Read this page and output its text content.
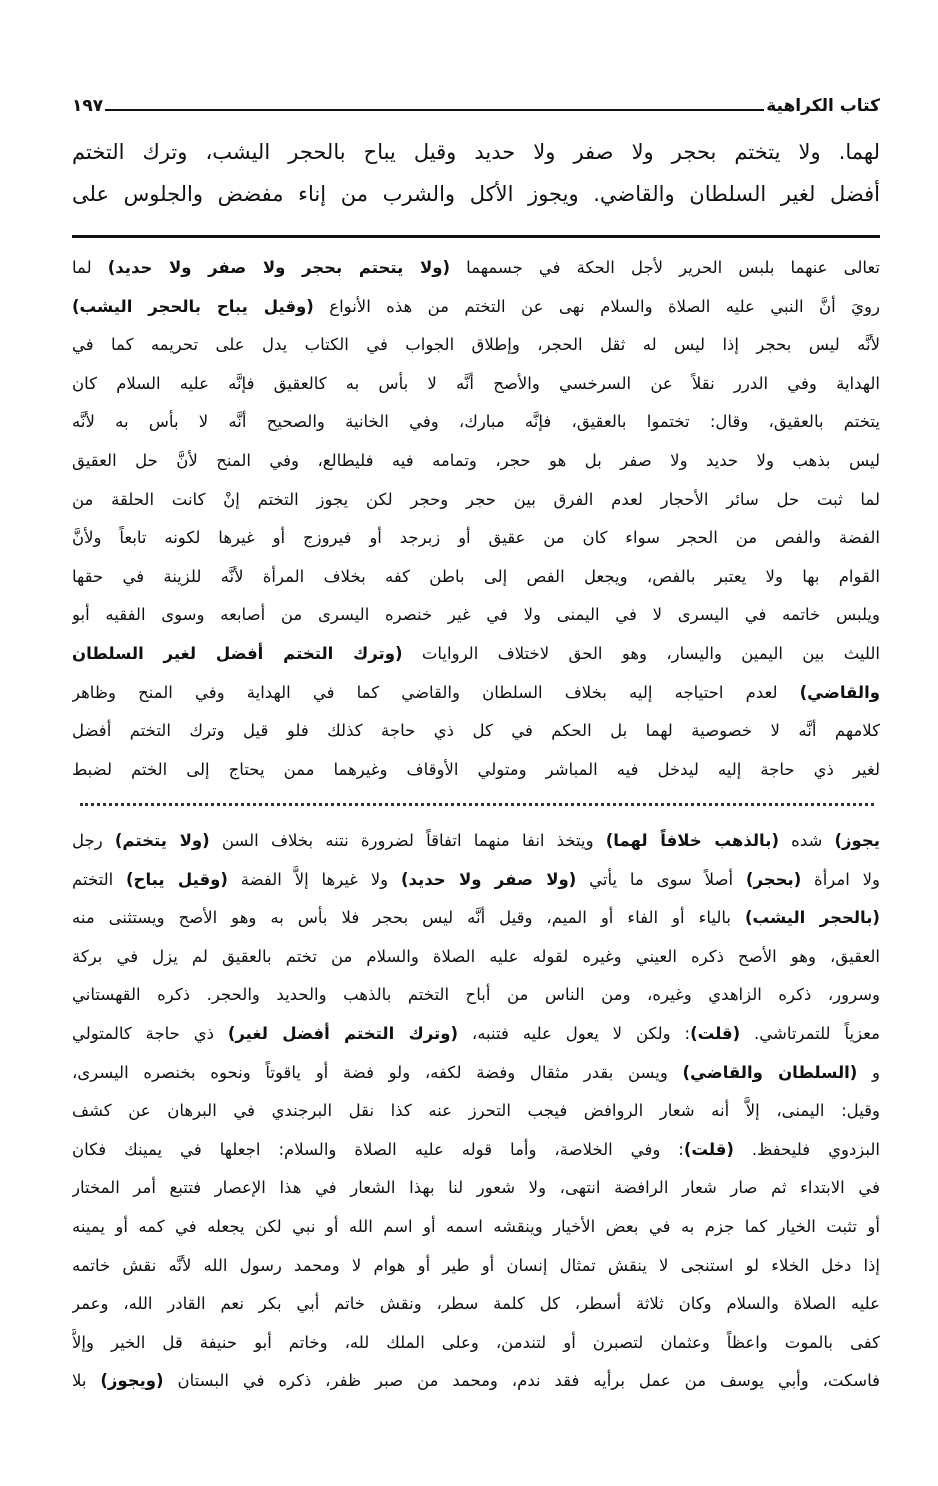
كتاب الكراهية
١٩٧
لهما. ولا يتختم بحجر ولا صفر ولا حديد وقيل يباح بالحجر اليشب، وترك التختم
أفضل لغير السلطان والقاضي. ويجوز الأكل والشرب من إناء مفضض والجلوس على
تعالى عنهما بلبس الحرير لأجل الحكة في جسمهما (ولا يتحتم بحجر ولا صفر ولا حديد) لما
رويَ أنَّ النبي عليه الصلاة والسلام نهى عن التختم من هذه الأنواع (وقيل يباح بالحجر اليشب)
لأنَّه ليس بحجر إذا ليس له ثقل الحجر، وإطلاق الجواب في الكتاب يدل على تحريمه كما في
الهداية وفي الدرر نقلاً عن السرخسي والأصح أنَّه لا بأس به كالعقيق فإنَّه عليه السلام كان
يتختم بالعقيق، وقال: تختموا بالعقيق، فإنَّه مبارك، وفي الخانية والصحيح أنَّه لا بأس به لأنَّه
ليس بذهب ولا حديد ولا صفر بل هو حجر، وتمامه فيه فليطالع، وفي المنح لأنَّ حل العقيق
لما ثبت حل سائر الأحجار لعدم الفرق بين حجر وحجر لكن يجوز التختم إنْ كانت الحلقة من
الفضة والفص من الحجر سواء كان من عقيق أو زبرجد أو فيروزج أو غيرها لكونه تابعاً ولأنَّ
القوام بها ولا يعتبر بالفص، ويجعل الفص إلى باطن كفه بخلاف المرأة لأنَّه للزينة في حقها
ويلبس خاتمه في اليسرى لا في اليمنى ولا في غير خنصره اليسرى من أصابعه وسوى الفقيه أبو
الليث بين اليمين واليسار، وهو الحق لاختلاف الروايات (وترك التختم أفضل لغير السلطان
والقاضي) لعدم احتياجه إليه بخلاف السلطان والقاضي كما في الهداية وفي المنح وظاهر
كلامهم أنَّه لا خصوصية لهما بل الحكم في كل ذي حاجة كذلك فلو قيل وترك التختم أفضل
لغير ذي حاجة إليه ليدخل فيه المباشر ومتولي الأوقاف وغيرهما ممن يحتاج إلى الختم لضبط
يجوز) شده (بالذهب خلافاً لهما) ويتخذ انفا منهما اتفاقاً لضرورة نتنه بخلاف السن (ولا يتختم) رجل
ولا امرأة (بحجر) أصلاً سوى ما يأتي (ولا صفر ولا حديد) ولا غيرها إلاَّ الفضة (وقيل يباح) التختم
(بالحجر اليشب) بالياء أو الفاء أو الميم، وقيل أنَّه ليس بحجر فلا بأس به وهو الأصح ويستثنى منه
العقيق، وهو الأصح ذكره العيني وغيره لقوله عليه الصلاة والسلام من تختم بالعقيق لم يزل في بركة
وسرور، ذكره الزاهدي وغيره، ومن الناس من أباح التختم بالذهب والحديد والحجر. ذكره القهستاني
معزياً للتمرتاشي. (قلت): ولكن لا يعول عليه فتنبه، (وترك التختم أفضل لغير) ذي حاجة كالمتولي
و (السلطان والقاضي) ويسن بقدر مثقال وفضة لكفه، ولو فضة أو ياقوتاً ونحوه بخنصره اليسرى،
وقيل: اليمنى، إلاَّ أنه شعار الروافض فيجب التحرز عنه كذا نقل البرجندي في البرهان عن كشف
البزدوي فليحفظ. (قلت): وفي الخلاصة، وأما قوله عليه الصلاة والسلام: اجعلها في يمينك فكان
في الابتداء ثم صار شعار الرافضة انتهى، ولا شعور لنا بهذا الشعار في هذا الإعصار فتتبع أمر المختار
أو تثبت الخيار كما جزم به في بعض الأخيار وينقشه اسمه أو اسم الله أو نبي لكن يجعله في كمه أو يمينه
إذا دخل الخلاء لو استنجى لا ينقش تمثال إنسان أو طير أو هوام لا ومحمد رسول الله لأنَّه نقش خاتمه
عليه الصلاة والسلام وكان ثلاثة أسطر، كل كلمة سطر، ونقش خاتم أبي بكر نعم القادر الله، وعمر
كفى بالموت واعظاً وعثمان لتصبرن أو لتندمن، وعلى الملك لله، وخاتم أبو حنيفة قل الخير وإلاَّ
فاسكت، وأبي يوسف من عمل برأيه فقد ندم، ومحمد من صبر ظفر، ذكره في البستان (ويجوز) بلا
